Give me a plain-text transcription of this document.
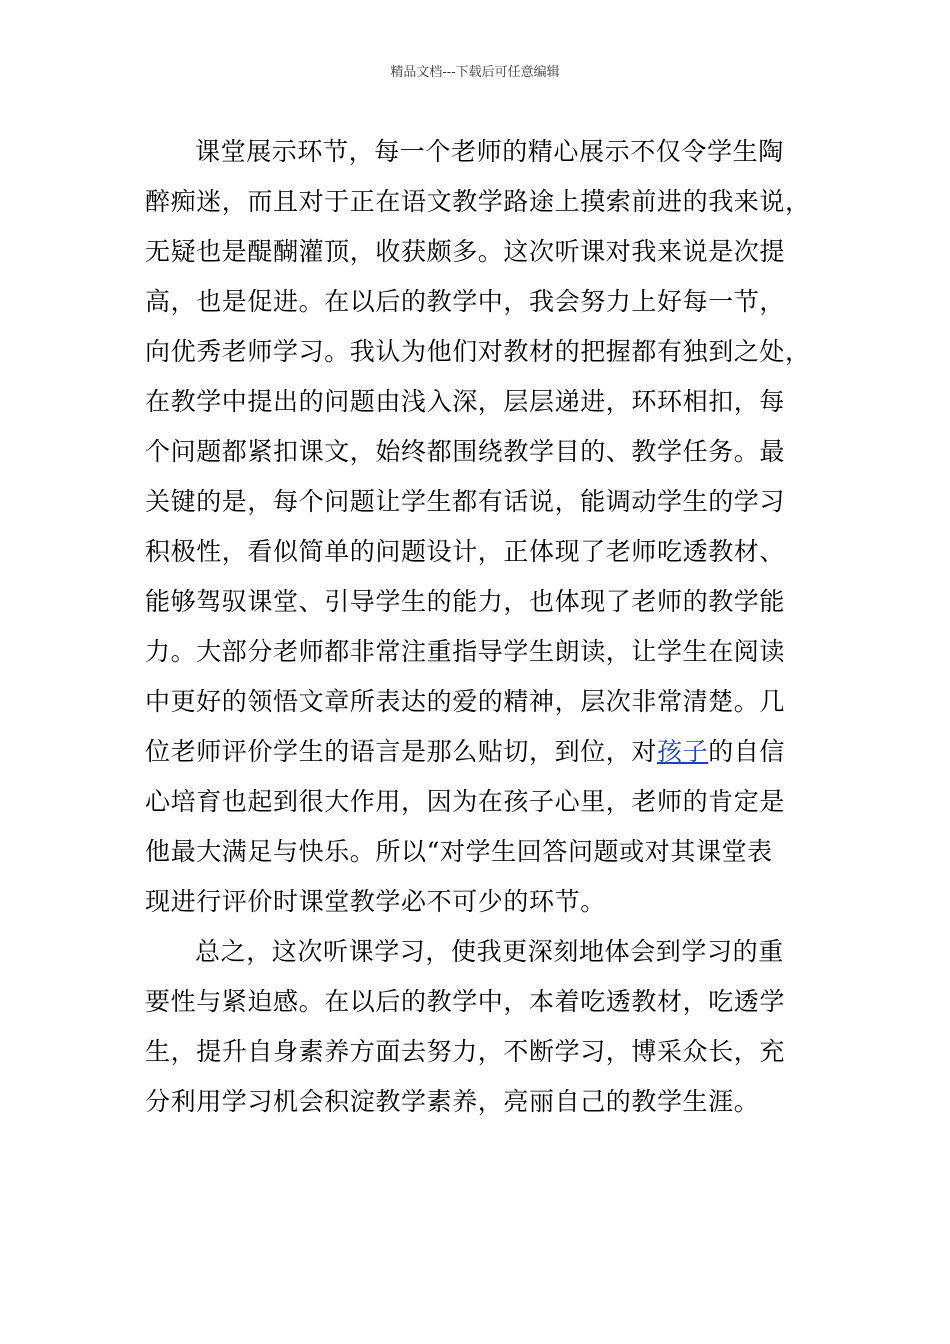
精品文档---下载后可任意编辑
课堂展示环节，每一个老师的精心展示不仅令学生陶
醉痴迷，而且对于正在语文教学路途上摸索前进的我来说，
无疑也是醍醐灌顶，收获颇多。这次听课对我来说是次提
高，也是促进。在以后的教学中，我会努力上好每一节，
向优秀老师学习。我认为他们对教材的把握都有独到之处，
在教学中提出的问题由浅入深，层层递进，环环相扣，每
个问题都紧扣课文，始终都围绕教学目的、教学任务。最
关键的是，每个问题让学生都有话说，能调动学生的学习
积极性，看似简单的问题设计，正体现了老师吃透教材、
能够驾驭课堂、引导学生的能力，也体现了老师的教学能
力。大部分老师都非常注重指导学生朗读，让学生在阅读
中更好的领悟文章所表达的爱的精神，层次非常清楚。几
位老师评价学生的语言是那么贴切，到位，对孩子的自信
心培育也起到很大作用，因为在孩子心里，老师的肯定是
他最大满足与快乐。所以“对学生回答问题或对其课堂表
现进行评价时课堂教学必不可少的环节。
总之，这次听课学习，使我更深刻地体会到学习的重
要性与紧迫感。在以后的教学中，本着吃透教材，吃透学
生，提升自身素养方面去努力，不断学习，博采众长，充
分利用学习机会积淀教学素养，亮丽自己的教学生涯。
